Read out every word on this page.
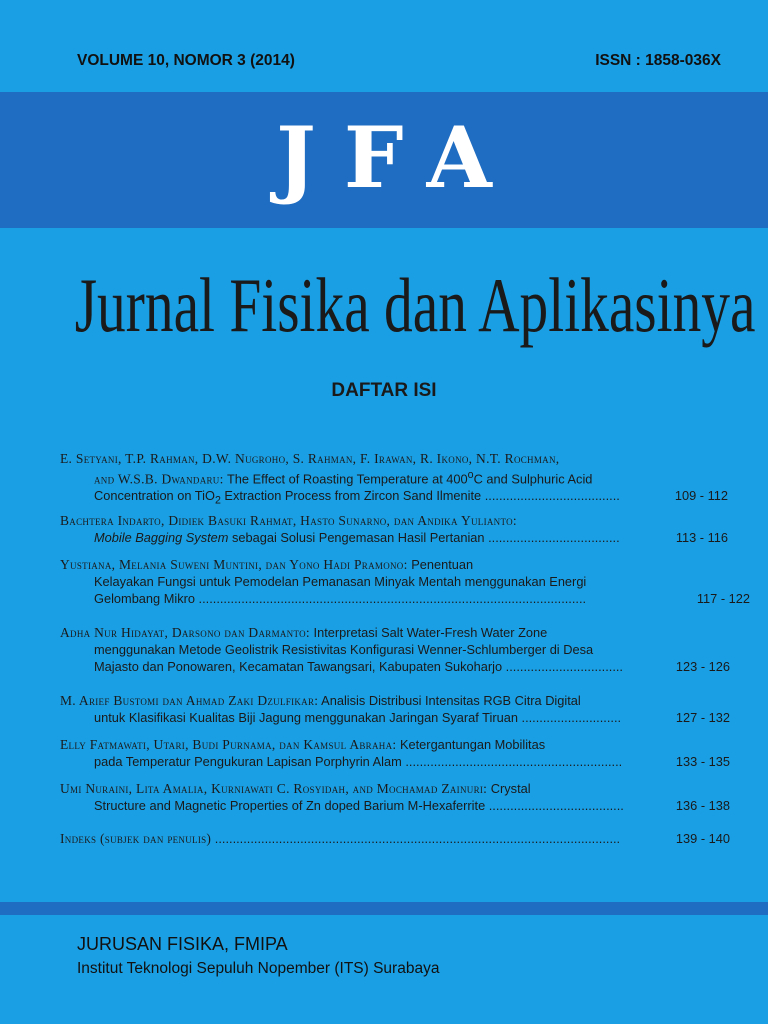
VOLUME 10, NOMOR 3 (2014)	ISSN : 1858-036X
JFA
Jurnal Fisika dan Aplikasinya
DAFTAR ISI
E. Setyani, T.P. Rahman, D.W. Nugroho, S. Rahman, F. Irawan, R. Ikono, N.T. Rochman,
and W.S.B. Dwandaru: The Effect of Roasting Temperature at 400$^o$C and Sulphuric Acid
Concentration on TiO$_2$ Extraction Process from Zircon Sand Ilmenite ......................................	109 - 112
Bachtera Indarto, Didiek Basuki Rahmat, Hasto Sunarno, dan Andika Yulianto:
Mobile Bagging System sebagai Solusi Pengemasan Hasil Pertanian .....................................	113 - 116
Yustiana, Melania Suweni Muntini, dan Yono Hadi Pramono: Penentuan
Kelayakan Fungsi untuk Pemodelan Pemanasan Minyak Mentah menggunakan Energi
Gelombang Mikro .............................................................................................................	117 - 122
Adha Nur Hidayat, Darsono dan Darmanto: Interpretasi Salt Water-Fresh Water Zone
menggunakan Metode Geolistrik Resistivitas Konfigurasi Wenner-Schlumberger di Desa
Majasto dan Ponowaren, Kecamatan Tawangsari, Kabupaten Sukoharjo .................................	123 - 126
M. Arief Bustomi dan Ahmad Zaki Dzulfikar: Analisis Distribusi Intensitas RGB Citra Digital
untuk Klasifikasi Kualitas Biji Jagung menggunakan Jaringan Syaraf Tiruan ............................	127 - 132
Elly Fatmawati, Utari, Budi Purnama, dan Kamsul Abraha: Ketergantungan Mobilitas
pada Temperatur Pengukuran Lapisan Porphyrin Alam .............................................................	133 - 135
Umi Nuraini, Lita Amalia, Kurniawati C. Rosyidah, and Mochamad Zainuri: Crystal
Structure and Magnetic Properties of Zn doped Barium M-Hexaferrite ......................................	136 - 138
Indeks (subjek dan penulis) ..................................................................................................................	139 - 140
JURUSAN FISIKA, FMIPA
Institut Teknologi Sepuluh Nopember (ITS) Surabaya
